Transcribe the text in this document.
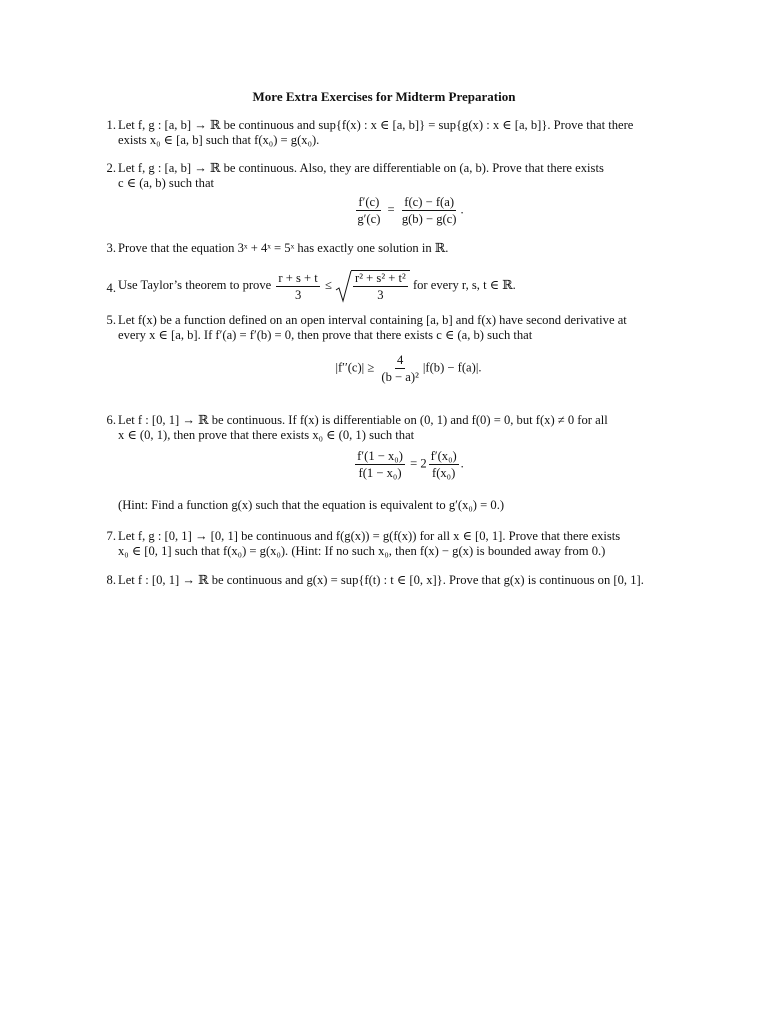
More Extra Exercises for Midterm Preparation
1. Let f, g : [a, b] → ℝ be continuous and sup{f(x) : x ∈ [a, b]} = sup{g(x) : x ∈ [a, b]}. Prove that there
exists x₀ ∈ [a, b] such that f(x₀) = g(x₀).
2. Let f, g : [a, b] → ℝ be continuous. Also, they are differentiable on (a, b). Prove that there exists
c ∈ (a, b) such that
$\frac{f'(c)}{g'(c)} = \frac{f(c) - f(a)}{g(b) - g(c)}$ .
3. Prove that the equation 3ˣ + 4ˣ = 5ˣ has exactly one solution in ℝ.
4. Use Taylor’s theorem to prove $\frac{r + s + t}{3} \le \frac{\text{r² + s² + t²}}{3}$ for every r, s, t ∈ ℝ.
5. Let f(x) be a function defined on an open interval containing [a, b] and f(x) have second derivative at
every x ∈ [a, b]. If f′(a) = f′(b) = 0, then prove that there exists c ∈ (a, b) such that
$|f''(c)| \ge \frac{4}{\text{(b − a)²}} |f(b) - f(a)|$.
6. Let f : [0, 1] → ℝ be continuous. If f(x) is differentiable on (0, 1) and f(0) = 0, but f(x) ≠ 0 for all
x ∈ (0, 1), then prove that there exists x₀ ∈ (0, 1) such that
$\frac{\text{f′(1 − x₀)}}{\text{f(1 − x₀)}} = 2 \frac{\text{f′(x₀)}}{\text{f(x₀)}}$ .
(Hint: Find a function g(x) such that the equation is equivalent to g′(x₀) = 0.)
7. Let f, g : [0, 1] → [0, 1] be continuous and f(g(x)) = g(f(x)) for all x ∈ [0, 1]. Prove that there exists
x₀ ∈ [0, 1] such that f(x₀) = g(x₀). (Hint: If no such x₀, then f(x) − g(x) is bounded away from 0.)
8. Let f : [0, 1] → ℝ be continuous and g(x) = sup{f(t) : t ∈ [0, x]}. Prove that g(x) is continuous on [0, 1].
